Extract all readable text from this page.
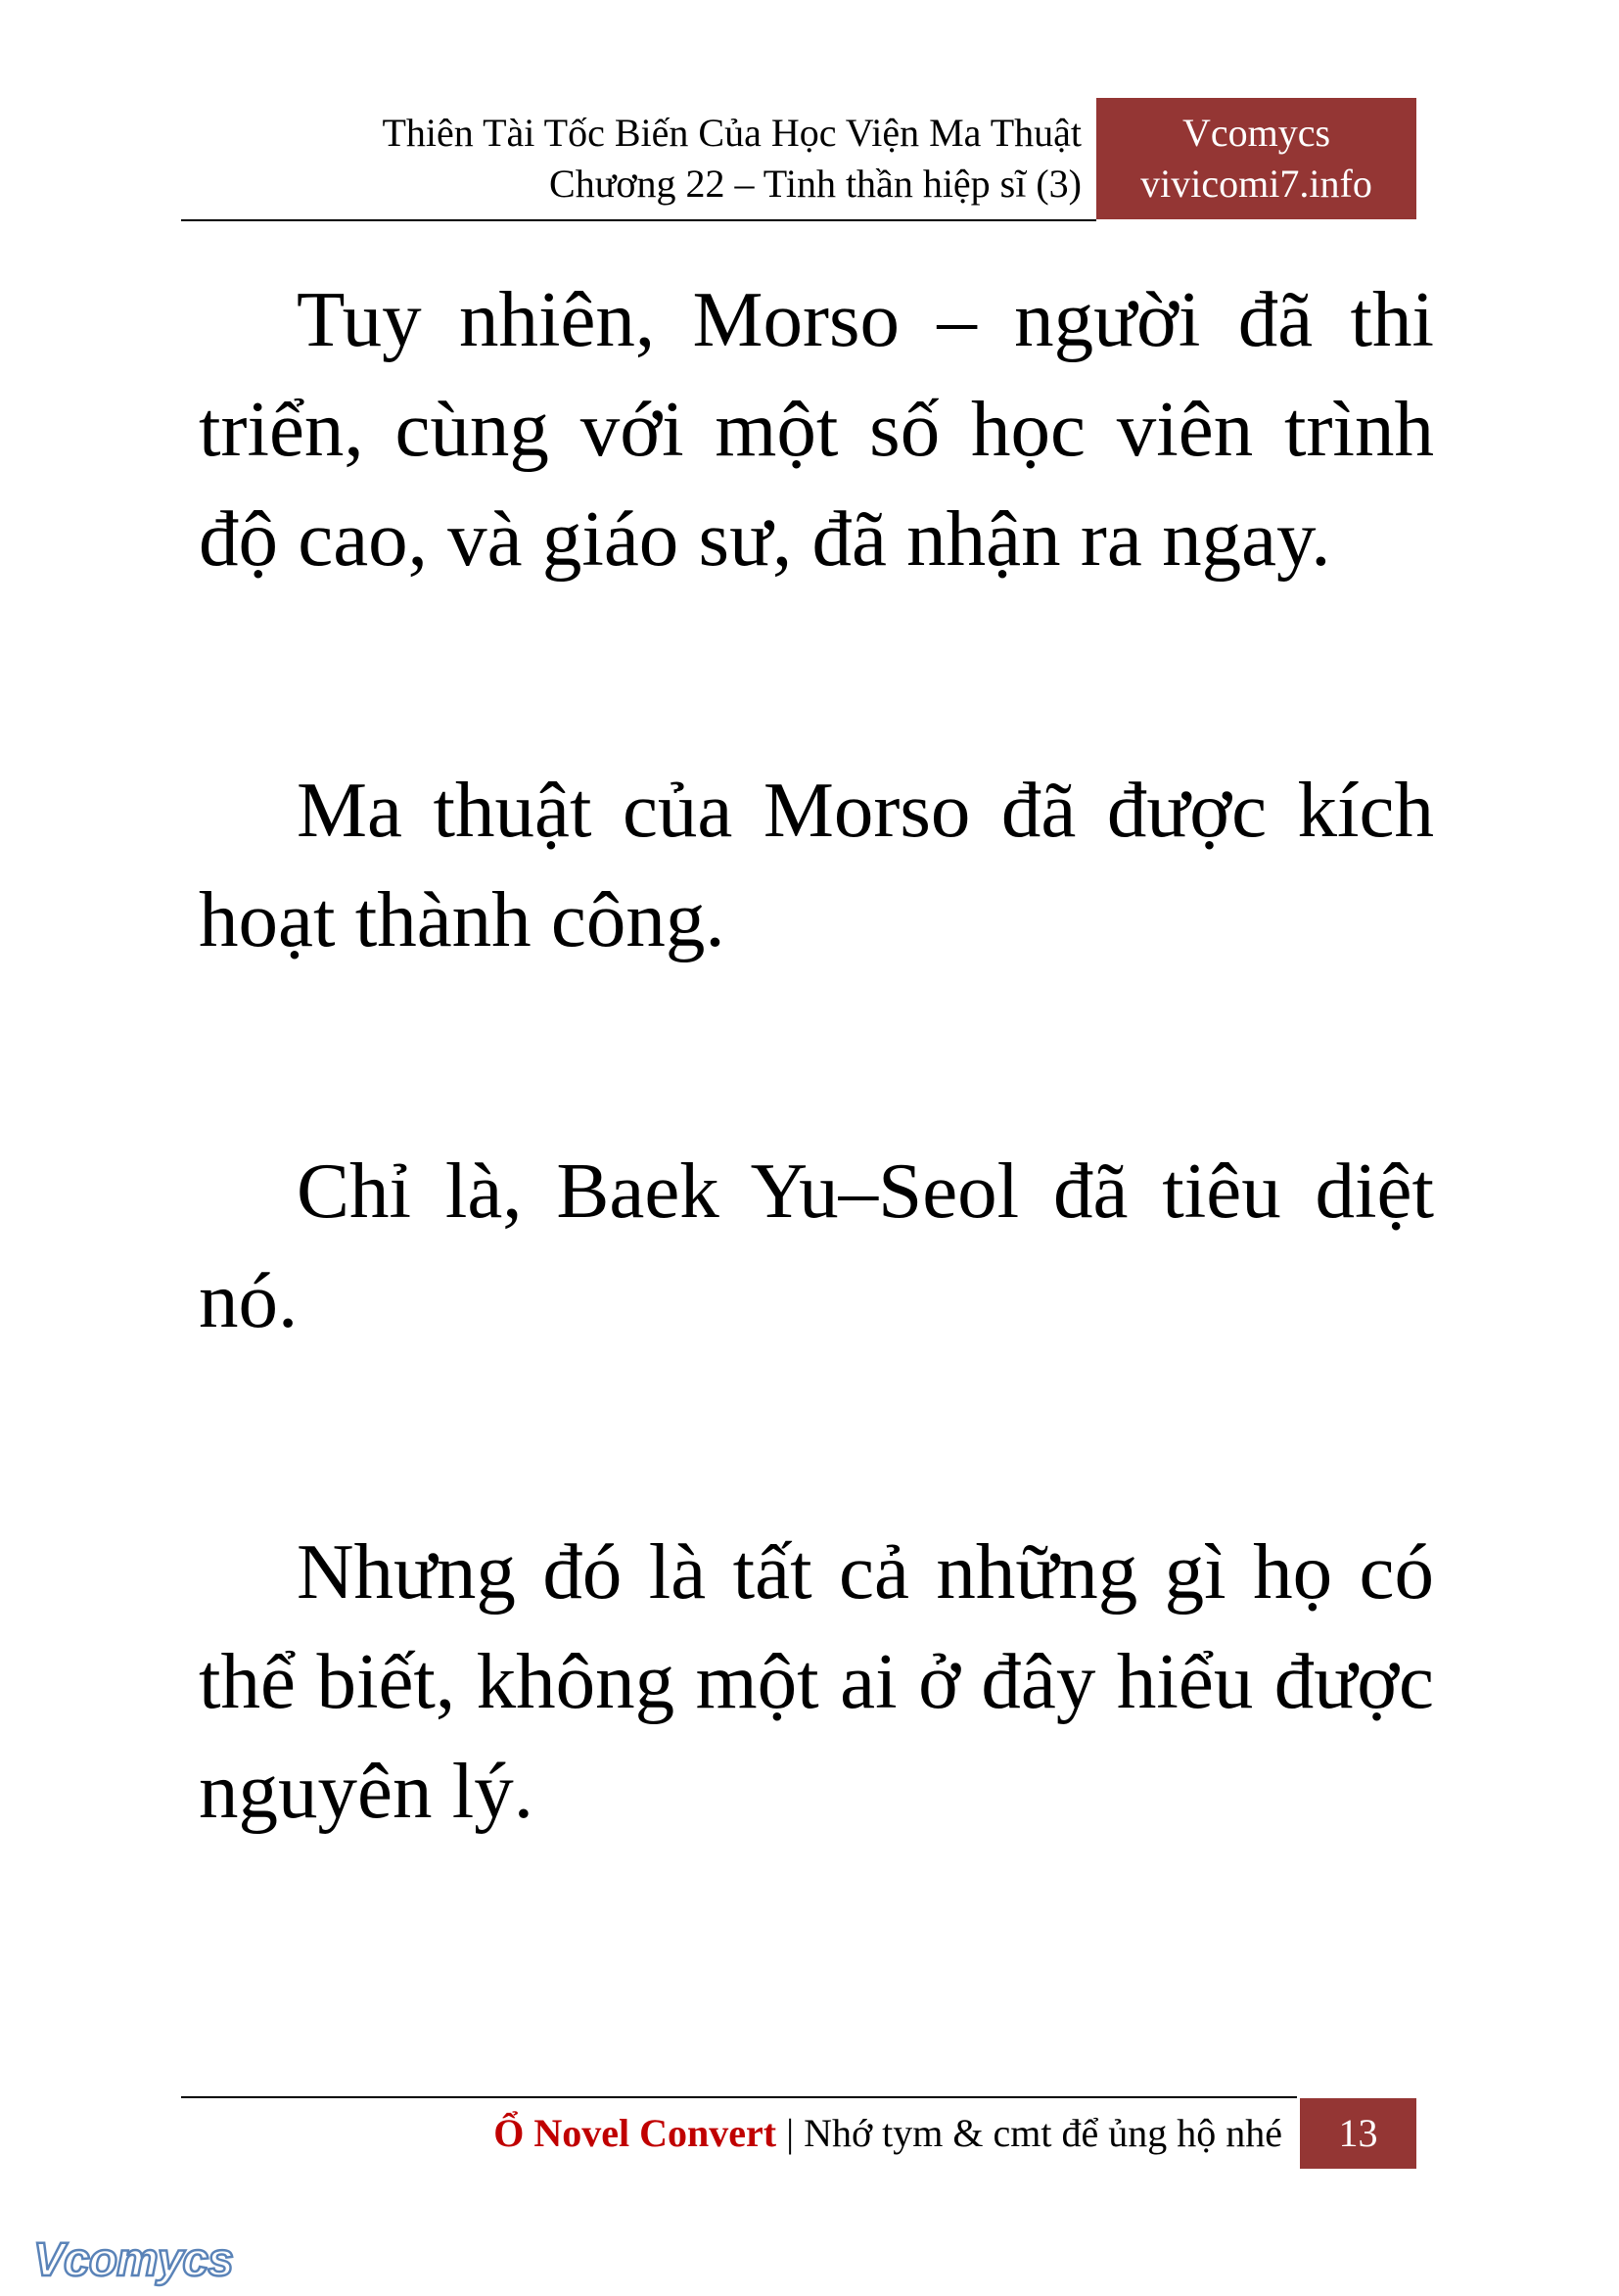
Thiên Tài Tốc Biến Của Học Viện Ma Thuật
Chương 22 – Tinh thần hiệp sĩ (3)
Vcomycs
vivicomi7.info

Tuy nhiên, Morso – người đã thi triển, cùng với một số học viên trình độ cao, và giáo sư, đã nhận ra ngay.

Ma thuật của Morso đã được kích hoạt thành công.

Chỉ là, Baek Yu–Seol đã tiêu diệt nó.

Nhưng đó là tất cả những gì họ có thể biết, không một ai ở đây hiểu được nguyên lý.

Ổ Novel Convert | Nhớ tym & cmt để ủng hộ nhé	13
Vcomycs
